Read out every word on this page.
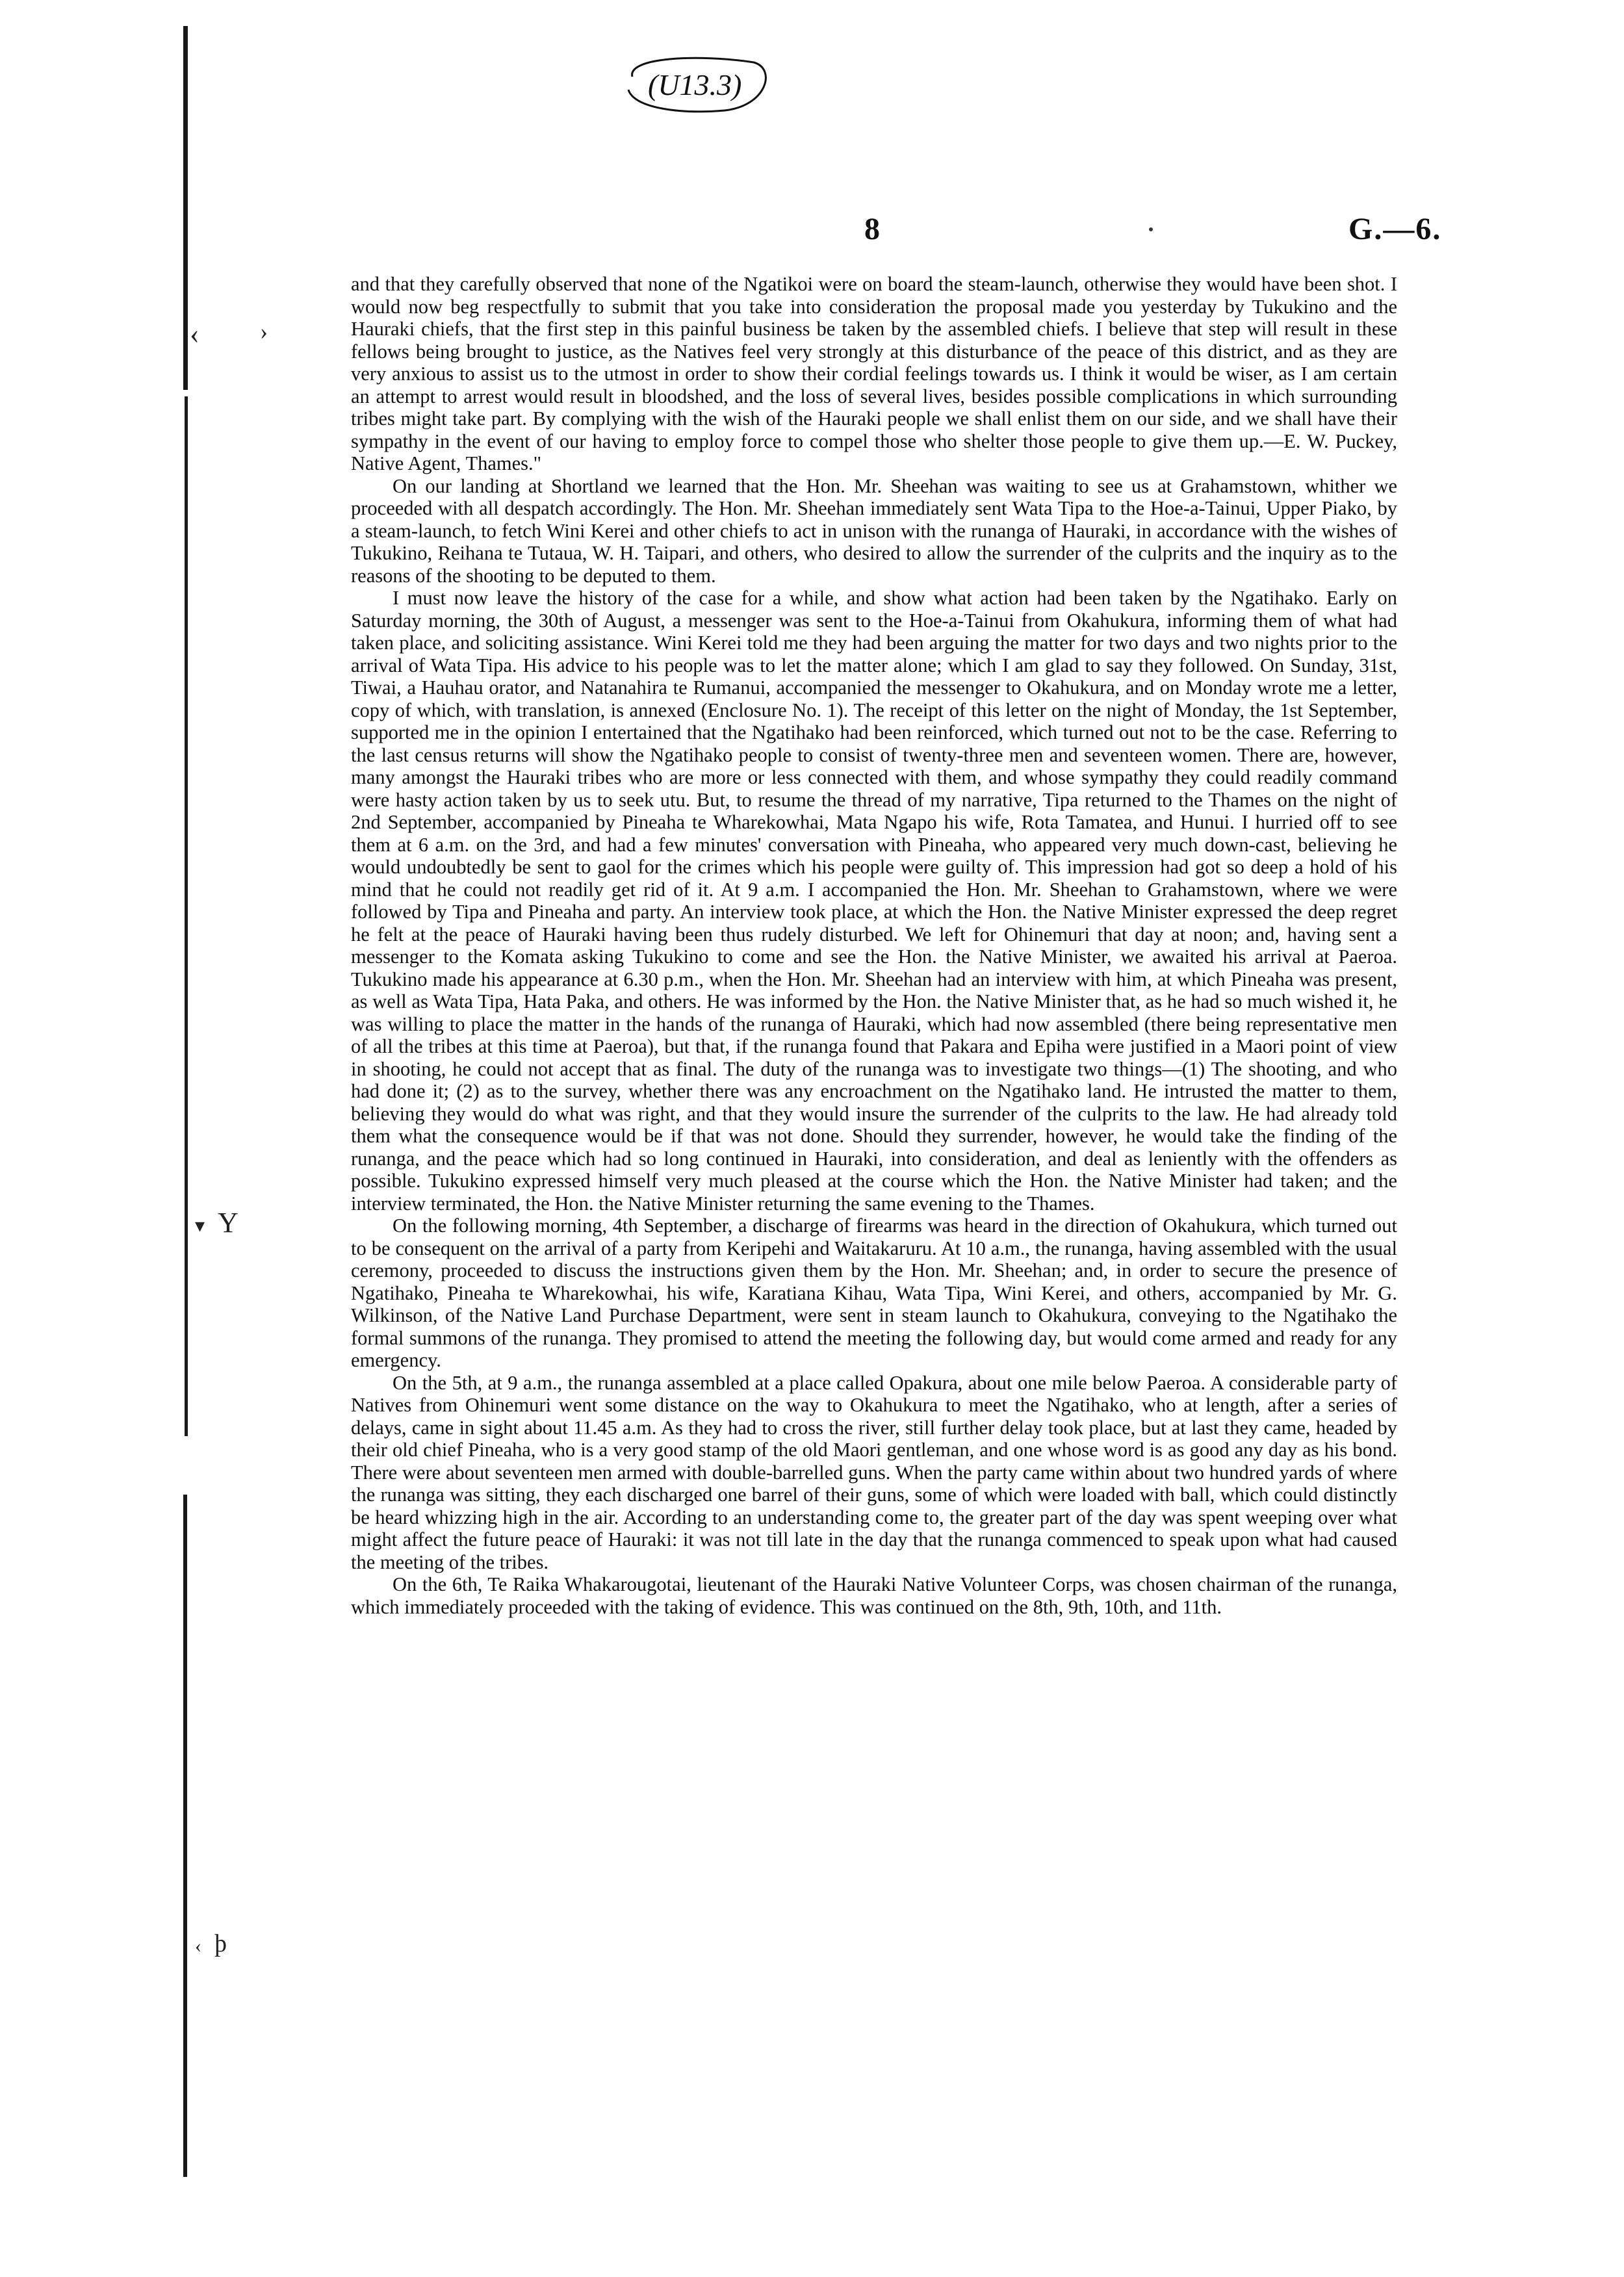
‹	›
▾ Y
‹ þ
(U13.3)
8	G.—6.

and that they carefully observed that none of the Ngatikoi were on board the steam-launch, otherwise they would have been shot. I would now beg respectfully to submit that you take into consideration the proposal made you yesterday by Tukukino and the Hauraki chiefs, that the first step in this painful business be taken by the assembled chiefs. I believe that step will result in these fellows being brought to justice, as the Natives feel very strongly at this disturbance of the peace of this district, and as they are very anxious to assist us to the utmost in order to show their cordial feelings towards us. I think it would be wiser, as I am certain an attempt to arrest would result in bloodshed, and the loss of several lives, besides possible complications in which surrounding tribes might take part. By complying with the wish of the Hauraki people we shall enlist them on our side, and we shall have their sympathy in the event of our having to employ force to compel those who shelter those people to give them up.—E. W. Puckey, Native Agent, Thames."

On our landing at Shortland we learned that the Hon. Mr. Sheehan was waiting to see us at Grahamstown, whither we proceeded with all despatch accordingly. The Hon. Mr. Sheehan immediately sent Wata Tipa to the Hoe-a-Tainui, Upper Piako, by a steam-launch, to fetch Wini Kerei and other chiefs to act in unison with the runanga of Hauraki, in accordance with the wishes of Tukukino, Reihana te Tutaua, W. H. Taipari, and others, who desired to allow the surrender of the culprits and the inquiry as to the reasons of the shooting to be deputed to them.

I must now leave the history of the case for a while, and show what action had been taken by the Ngatihako. Early on Saturday morning, the 30th of August, a messenger was sent to the Hoe-a-Tainui from Okahukura, informing them of what had taken place, and soliciting assistance. Wini Kerei told me they had been arguing the matter for two days and two nights prior to the arrival of Wata Tipa. His advice to his people was to let the matter alone; which I am glad to say they followed. On Sunday, 31st, Tiwai, a Hauhau orator, and Natanahira te Rumanui, accompanied the messenger to Okahukura, and on Monday wrote me a letter, copy of which, with translation, is annexed (Enclosure No. 1). The receipt of this letter on the night of Monday, the 1st September, supported me in the opinion I entertained that the Ngatihako had been reinforced, which turned out not to be the case. Referring to the last census returns will show the Ngatihako people to consist of twenty-three men and seventeen women. There are, however, many amongst the Hauraki tribes who are more or less connected with them, and whose sympathy they could readily command were hasty action taken by us to seek utu. But, to resume the thread of my narrative, Tipa returned to the Thames on the night of 2nd September, accompanied by Pineaha te Wharekowhai, Mata Ngapo his wife, Rota Tamatea, and Hunui. I hurried off to see them at 6 a.m. on the 3rd, and had a few minutes' conversation with Pineaha, who appeared very much down-cast, believing he would undoubtedly be sent to gaol for the crimes which his people were guilty of. This impression had got so deep a hold of his mind that he could not readily get rid of it. At 9 a.m. I accompanied the Hon. Mr. Sheehan to Grahamstown, where we were followed by Tipa and Pineaha and party. An interview took place, at which the Hon. the Native Minister expressed the deep regret he felt at the peace of Hauraki having been thus rudely disturbed. We left for Ohinemuri that day at noon; and, having sent a messenger to the Komata asking Tukukino to come and see the Hon. the Native Minister, we awaited his arrival at Paeroa. Tukukino made his appearance at 6.30 p.m., when the Hon. Mr. Sheehan had an interview with him, at which Pineaha was present, as well as Wata Tipa, Hata Paka, and others. He was informed by the Hon. the Native Minister that, as he had so much wished it, he was willing to place the matter in the hands of the runanga of Hauraki, which had now assembled (there being representative men of all the tribes at this time at Paeroa), but that, if the runanga found that Pakara and Epiha were justified in a Maori point of view in shooting, he could not accept that as final. The duty of the runanga was to investigate two things—(1) The shooting, and who had done it; (2) as to the survey, whether there was any encroachment on the Ngatihako land. He intrusted the matter to them, believing they would do what was right, and that they would insure the surrender of the culprits to the law. He had already told them what the consequence would be if that was not done. Should they surrender, however, he would take the finding of the runanga, and the peace which had so long continued in Hauraki, into consideration, and deal as leniently with the offenders as possible. Tukukino expressed himself very much pleased at the course which the Hon. the Native Minister had taken; and the interview terminated, the Hon. the Native Minister returning the same evening to the Thames.

On the following morning, 4th September, a discharge of firearms was heard in the direction of Okahukura, which turned out to be consequent on the arrival of a party from Keripehi and Waitakaruru. At 10 a.m., the runanga, having assembled with the usual ceremony, proceeded to discuss the instructions given them by the Hon. Mr. Sheehan; and, in order to secure the presence of Ngatihako, Pineaha te Wharekowhai, his wife, Karatiana Kihau, Wata Tipa, Wini Kerei, and others, accompanied by Mr. G. Wilkinson, of the Native Land Purchase Department, were sent in steam launch to Okahukura, conveying to the Ngatihako the formal summons of the runanga. They promised to attend the meeting the following day, but would come armed and ready for any emergency.

On the 5th, at 9 a.m., the runanga assembled at a place called Opakura, about one mile below Paeroa. A considerable party of Natives from Ohinemuri went some distance on the way to Okahukura to meet the Ngatihako, who at length, after a series of delays, came in sight about 11.45 a.m. As they had to cross the river, still further delay took place, but at last they came, headed by their old chief Pineaha, who is a very good stamp of the old Maori gentleman, and one whose word is as good any day as his bond. There were about seventeen men armed with double-barrelled guns. When the party came within about two hundred yards of where the runanga was sitting, they each discharged one barrel of their guns, some of which were loaded with ball, which could distinctly be heard whizzing high in the air. According to an understanding come to, the greater part of the day was spent weeping over what might affect the future peace of Hauraki: it was not till late in the day that the runanga commenced to speak upon what had caused the meeting of the tribes.

On the 6th, Te Raika Whakarougotai, lieutenant of the Hauraki Native Volunteer Corps, was chosen chairman of the runanga, which immediately proceeded with the taking of evidence. This was continued on the 8th, 9th, 10th, and 11th.
